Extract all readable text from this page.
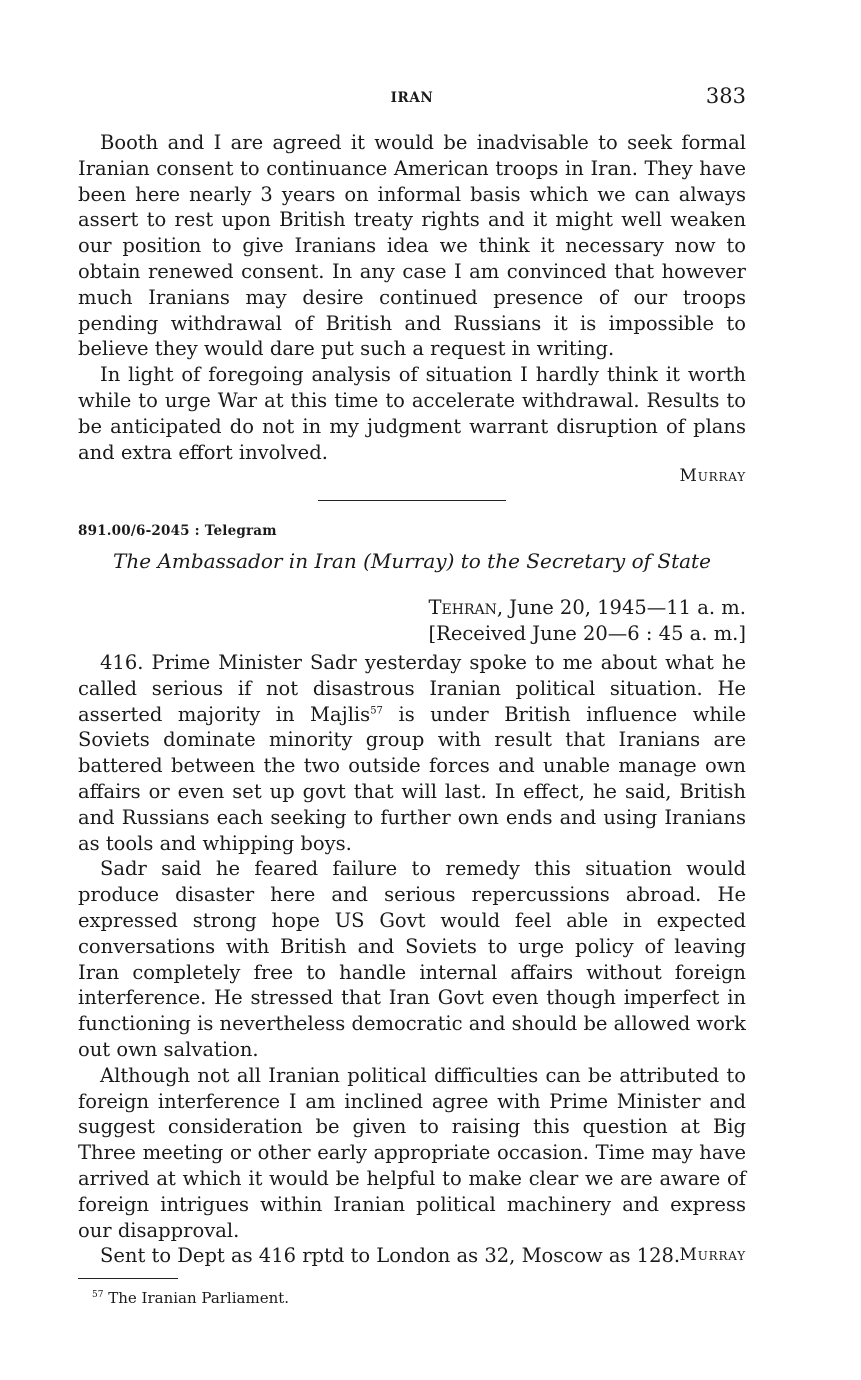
IRAN	383

Booth and I are agreed it would be inadvisable to seek formal Iranian consent to continuance American troops in Iran. They have been here nearly 3 years on informal basis which we can always assert to rest upon British treaty rights and it might well weaken our position to give Iranians idea we think it necessary now to obtain renewed consent. In any case I am convinced that however much Iranians may desire continued presence of our troops pending withdrawal of British and Russians it is impossible to believe they would dare put such a request in writing.

In light of foregoing analysis of situation I hardly think it worth while to urge War at this time to accelerate withdrawal. Results to be anticipated do not in my judgment warrant disruption of plans and extra effort involved.

Murray
891.00/6-2045 : Telegram
The Ambassador in Iran (Murray) to the Secretary of State
Tehran, June 20, 1945—11 a. m.
[Received June 20—6 : 45 a. m.]

416. Prime Minister Sadr yesterday spoke to me about what he called serious if not disastrous Iranian political situation. He asserted majority in Majlis$^{57}$ is under British influence while Soviets dominate minority group with result that Iranians are battered between the two outside forces and unable manage own affairs or even set up govt that will last. In effect, he said, British and Russians each seeking to further own ends and using Iranians as tools and whipping boys.

Sadr said he feared failure to remedy this situation would produce disaster here and serious repercussions abroad. He expressed strong hope US Govt would feel able in expected conversations with British and Soviets to urge policy of leaving Iran completely free to handle internal affairs without foreign interference. He stressed that Iran Govt even though imperfect in functioning is nevertheless democratic and should be allowed work out own salvation.

Although not all Iranian political difficulties can be attributed to foreign interference I am inclined agree with Prime Minister and suggest consideration be given to raising this question at Big Three meeting or other early appropriate occasion. Time may have arrived at which it would be helpful to make clear we are aware of foreign intrigues within Iranian political machinery and express our disapproval.

Sent to Dept as 416 rptd to London as 32, Moscow as 128. Murray
$^{57}$ The Iranian Parliament.
